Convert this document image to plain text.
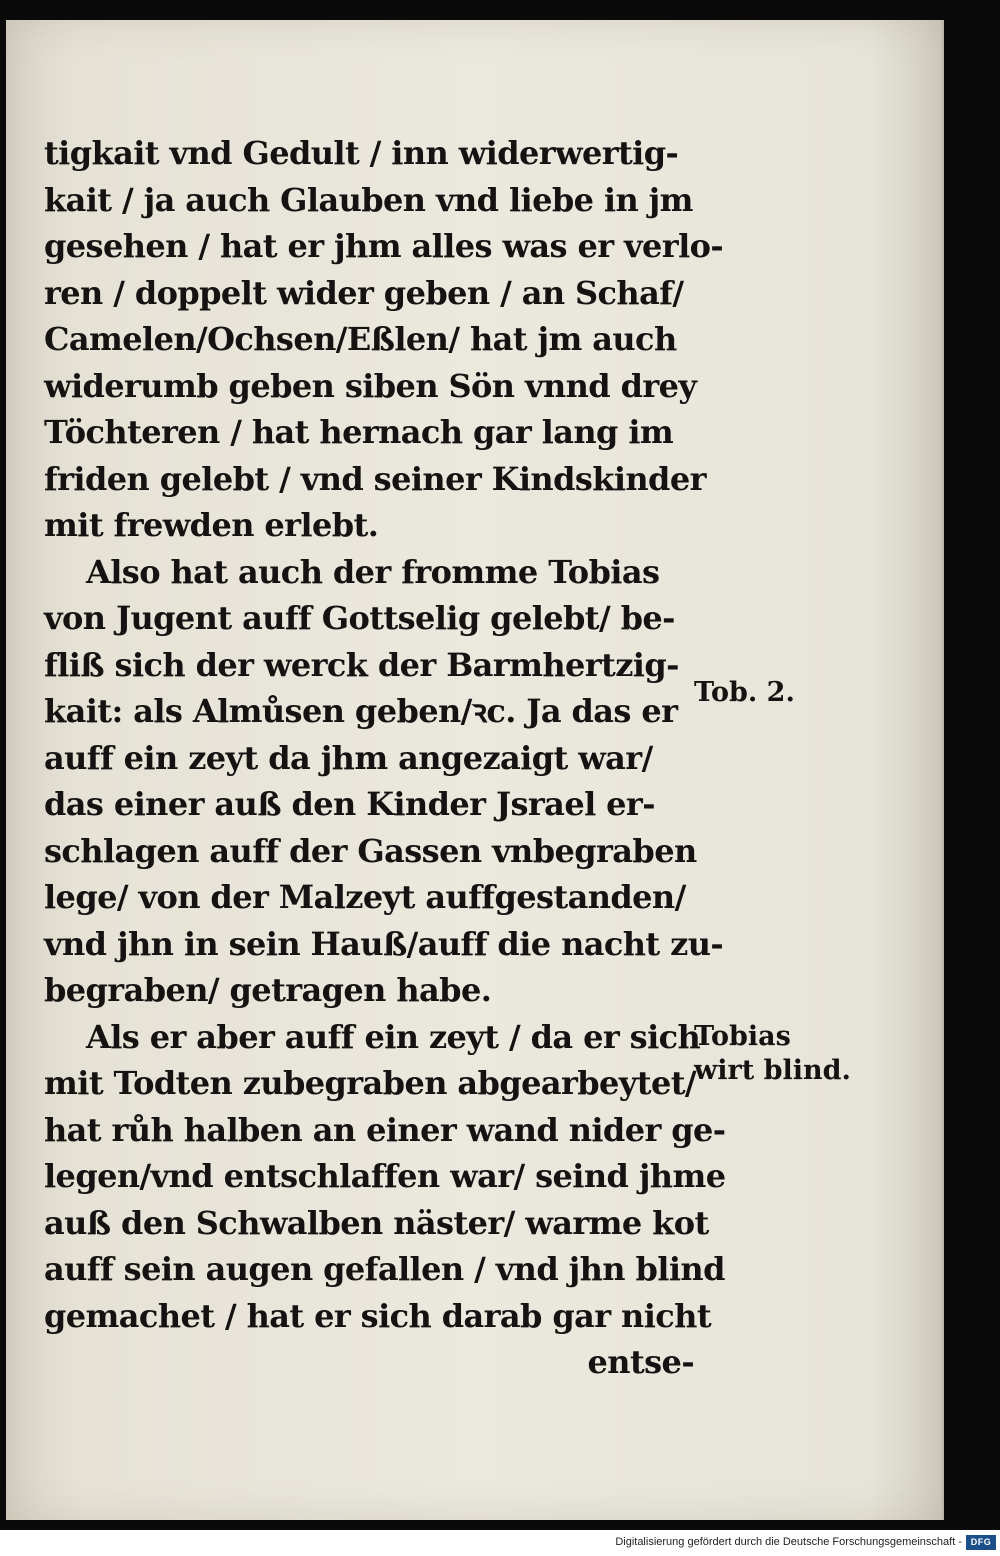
tigkait vnd Gedult / inn widerwertig-
kait / ja auch Glauben vnd liebe in jm
gesehen / hat er jhm alles was er verlo-
ren / doppelt wider geben / an Schaf/
Camelen/Ochsen/Eßlen/ hat jm auch
widerumb geben siben Sön vnnd drey
Töchteren / hat hernach gar lang im
friden gelebt / vnd seiner Kindskinder
mit frewden erlebt.
Also hat auch der fromme Tobias
von Jugent auff Gottselig gelebt/ be-
fliß sich der werck der Barmhertzig-
kait: als Almůsen geben/ꝛc. Ja das er
auff ein zeyt da jhm angezaigt war/
das einer auß den Kinder Jsrael er-
schlagen auff der Gassen vnbegraben
lege/ von der Malzeyt auffgestanden/
vnd jhn in sein Hauß/auff die nacht zu-
begraben/ getragen habe.
Als er aber auff ein zeyt / da er sich
mit Todten zubegraben abgearbeytet/
hat růh halben an einer wand nider ge-
legen/vnd entschlaffen war/ seind jhme
auß den Schwalben näster/ warme kot
auff sein augen gefallen / vnd jhn blind
gemachet / hat er sich darab gar nicht
entse-
Tob. 2.
Tobias
wirt blind.
Digitalisierung gefördert durch die Deutsche Forschungsgemeinschaft - DFG
